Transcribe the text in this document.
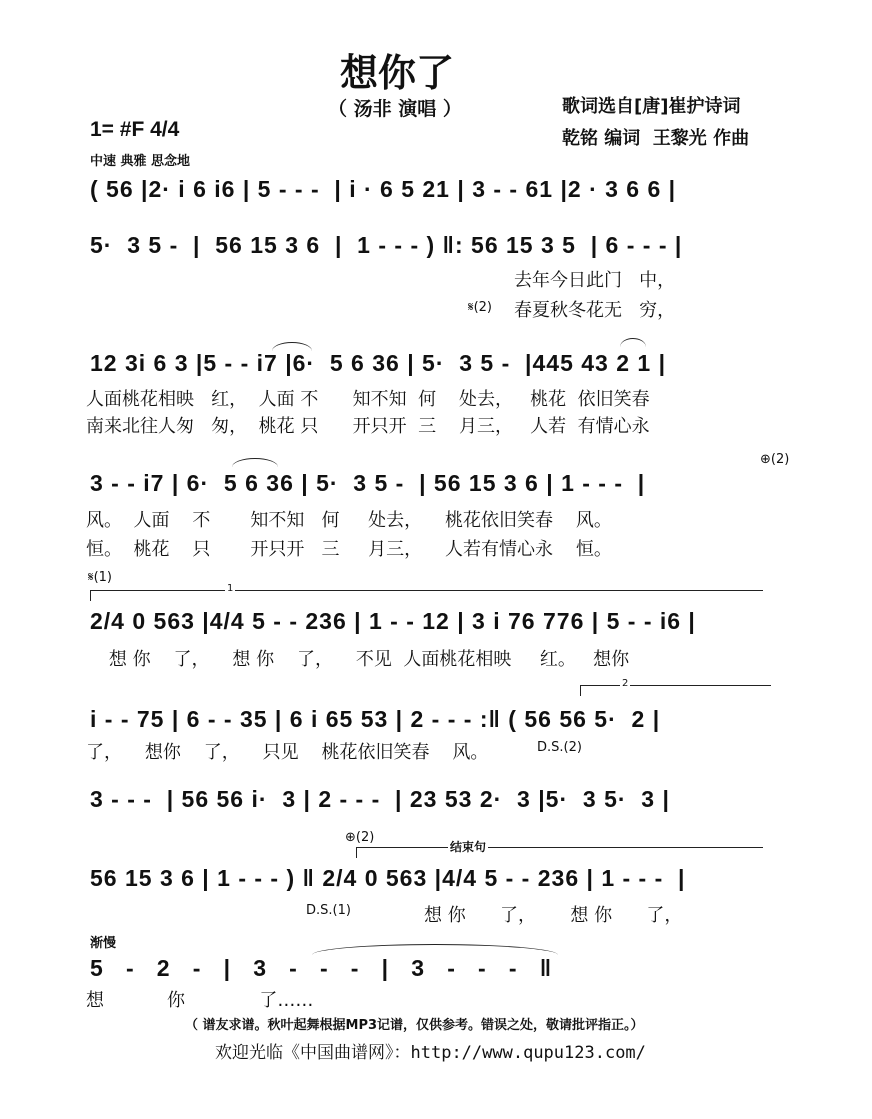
想你了
（ 汤非 演唱 ）	歌词选自[唐]崔护诗词
乾铭 编词  王黎光 作曲
1= #F 4/4
中速 典雅 思念地
( 56 |2· i 6 i6 | 5 - - -  | i · 6 5 21 | 3 - - 61 |2 · 3 6 6 |
5·  3 5 -  |  56 15 3 6  |  1 - - - ) ‖: 56 15 3 5  | 6 - - - |
去年今日此门   中，
𝄋(2) 春夏秋冬花无   穷，
12 3i 6 3 |5 - - i7 |6·  5 6 36 | 5·  3 5 -  |445 43 2 1 |
人面桃花相映   红，  人面 不      知不知  何    处去，   桃花  依旧笑春
南来北往人匆   匆，  桃花 只      开只开  三    月三，   人若  有情心永
⊕(2)
3 - - i7 | 6·  5 6 36 | 5·  3 5 -  | 56 15 3 6 | 1 - - -  |
风。  人面    不       知不知   何     处去，    桃花依旧笑春    风。
恒。  桃花    只       开只开   三     月三，    人若有情心永    恒。
𝄋(1)
1
2/4 0 563 |4/4 5 - - 236 | 1 - - 12 | 3 i 76 776 | 5 - - i6 |
想 你    了，    想 你    了，    不见  人面桃花相映     红。   想你
2
i - - 75 | 6 - - 35 | 6 i 65 53 | 2 - - - :‖ ( 56 56 5·  2 |
了，    想你    了，    只见    桃花依旧笑春    风。	D.S.(2)
3 - - -  | 56 56 i·  3 | 2 - - -  | 23 53 2·  3 |5·  3 5·  3 |
⊕(2)
结束句
56 15 3 6 | 1 - - - ) ‖ 2/4 0 563 |4/4 5 - - 236 | 1 - - -  |
D.S.(1)	想 你      了，      想 你      了，
渐慢
5   -   2   -   |   3   -   -   -   |   3   -   -   -   ‖
想           你             了……
（ 谱友求谱。秋叶起舞根据MP3记谱，仅供参考。错误之处，敬请批评指正。）
欢迎光临《中国曲谱网》：http://www.qupu123.com/
